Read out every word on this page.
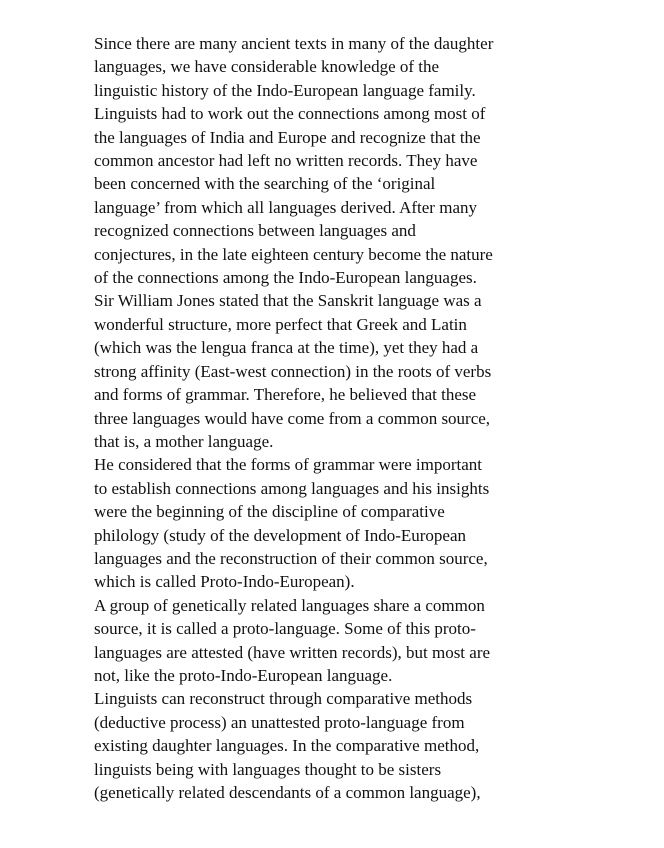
Since there are many ancient texts in many of the daughter
languages, we have considerable knowledge of the
linguistic history of the Indo-European language family.

Linguists had to work out the connections among most of
the languages of India and Europe and recognize that the
common ancestor had left no written records. They have
been concerned with the searching of the ‘original
language’ from which all languages derived. After many
recognized connections between languages and
conjectures, in the late eighteen century become the nature
of the connections among the Indo-European languages.

Sir William Jones stated that the Sanskrit language was a
wonderful structure, more perfect that Greek and Latin
(which was the lengua franca at the time), yet they had a
strong affinity (East-west connection) in the roots of verbs
and forms of grammar. Therefore, he believed that these
three languages would have come from a common source,
that is, a mother language.

He considered that the forms of grammar were important
to establish connections among languages and his insights
were the beginning of the discipline of comparative
philology (study of the development of Indo-European
languages and the reconstruction of their common source,
which is called Proto-Indo-European).

A group of genetically related languages share a common
source, it is called a proto-language. Some of this proto-
languages are attested (have written records), but most are
not, like the proto-Indo-European language.

Linguists can reconstruct through comparative methods
(deductive process) an unattested proto-language from
existing daughter languages. In the comparative method,
linguists being with languages thought to be sisters
(genetically related descendants of a common language),
